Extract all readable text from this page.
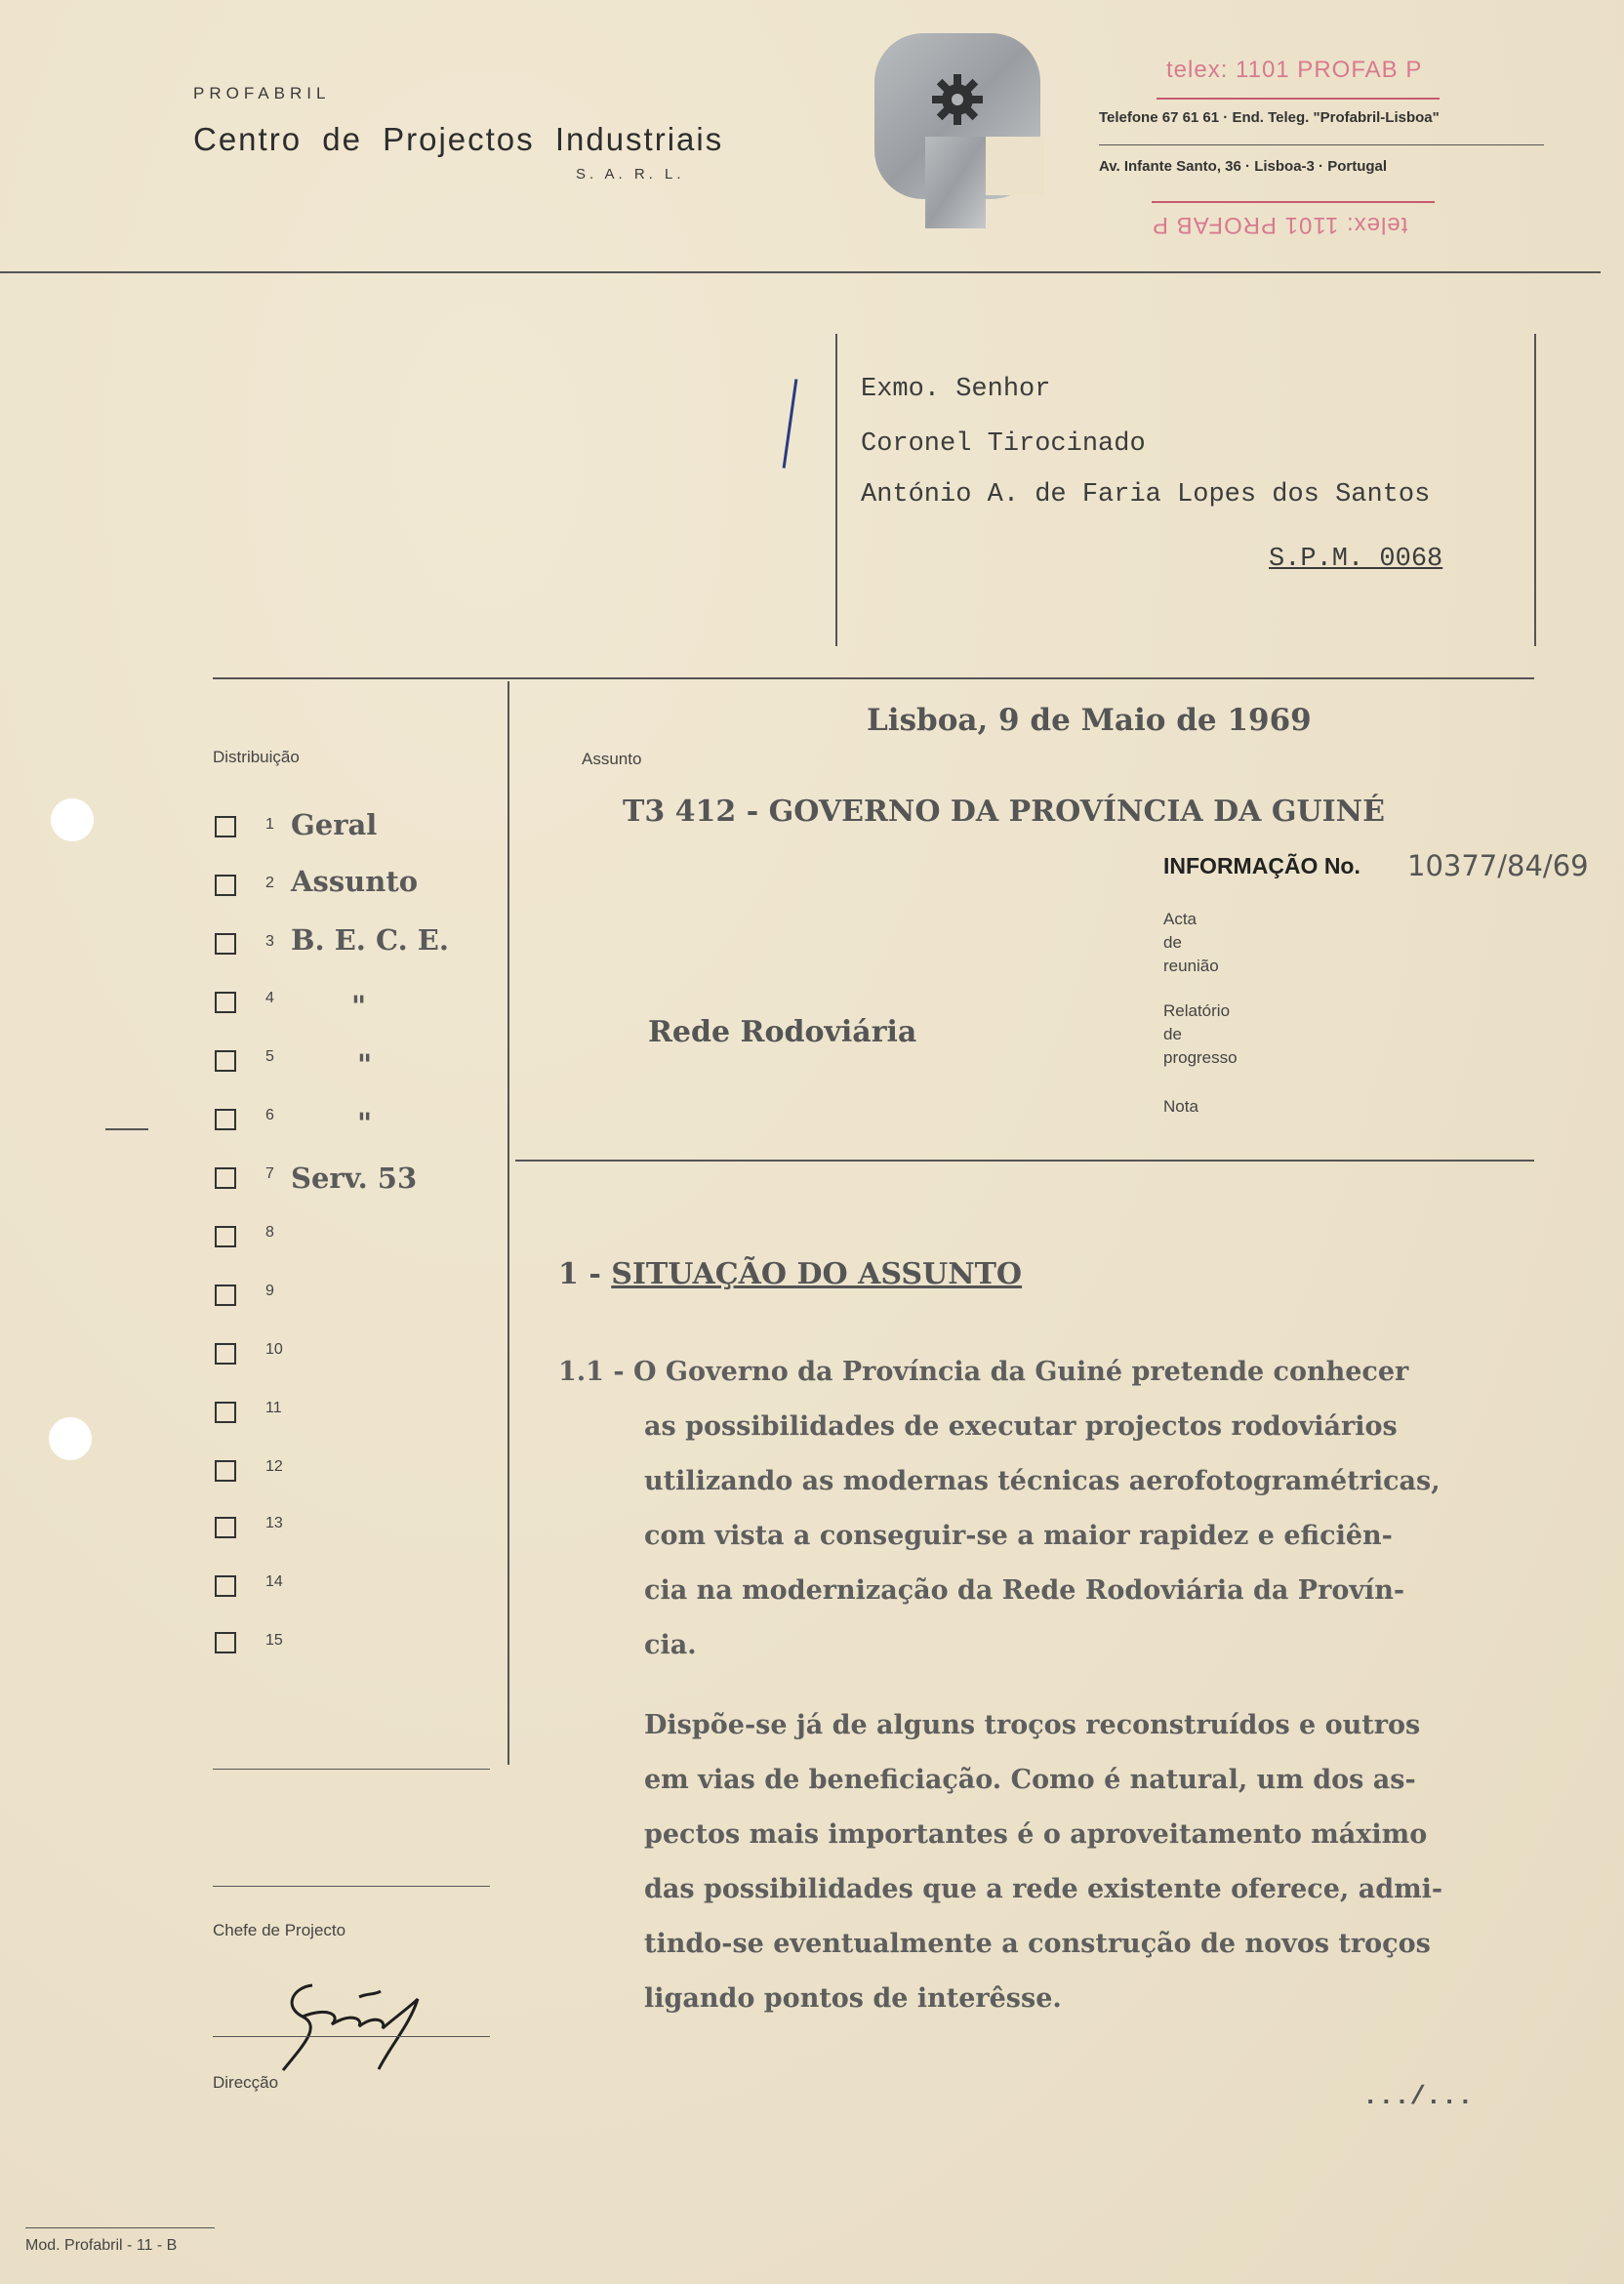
PROFABRIL
Centro de Projectos Industriais
S. A. R. L.
telex: 1101 PROFAB P
Telefone 67 61 61 · End. Teleg. "Profabril-Lisboa"
Av. Infante Santo, 36 · Lisboa-3 · Portugal
telex: 1101 PROFAB P
Exmo. Senhor
Coronel Tirocinado
António A. de Faria Lopes dos Santos
S.P.M. 0068
Lisboa, 9 de Maio de 1969
Distribuição	Assunto
T3 412 - GOVERNO DA PROVÍNCIA DA GUINÉ
INFORMAÇÃO No. 10377/84/69
Acta
de
reunião
Rede Rodoviária
Relatório
de
progresso
Nota
1 Geral
2 Assunto
3 B. E. C. E.
4	"
5	"
6	"
7 Serv. 53
8
9
10
11
12
13
14
15
Chefe de Projecto
Direcção
1 - SITUAÇÃO DO ASSUNTO
1.1 - O Governo da Província da Guiné pretende conhecer
as possibilidades de executar projectos rodoviários
utilizando as modernas técnicas aerofotogramétricas,
com vista a conseguir-se a maior rapidez e eficiên-
cia na modernização da Rede Rodoviária da Provín-
cia.
Dispõe-se já de alguns troços reconstruídos e outros
em vias de beneficiação. Como é natural, um dos as-
pectos mais importantes é o aproveitamento máximo
das possibilidades que a rede existente oferece, admi-
tindo-se eventualmente a construção de novos troços
ligando pontos de interêsse.
.../...
Mod. Profabril - 11 - B
